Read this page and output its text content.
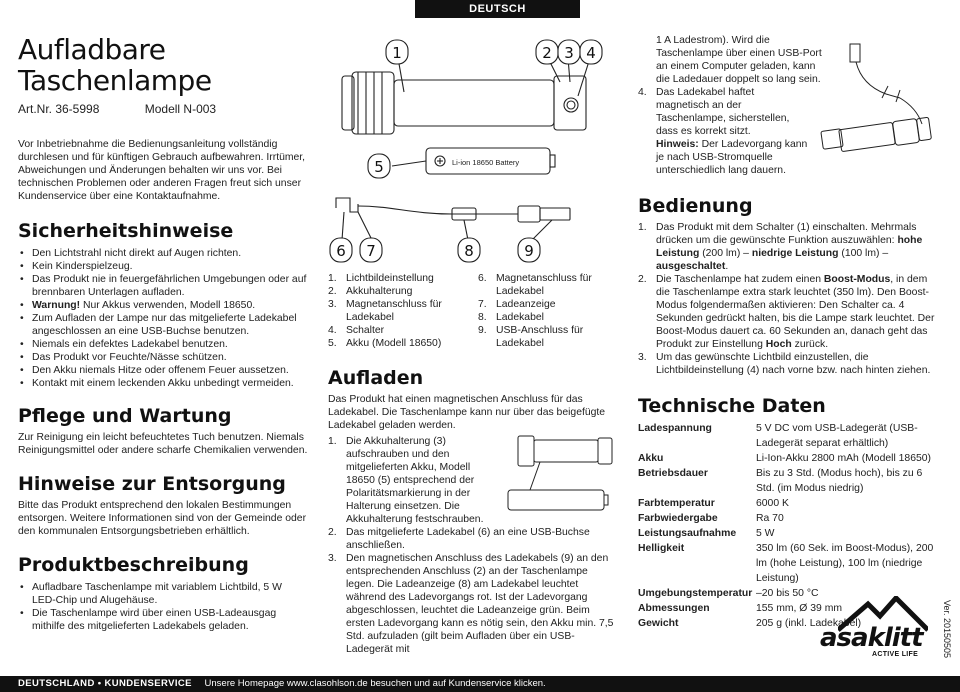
DEUTSCH
Aufladbare
Taschenlampe
Art.Nr. 36-5998	Modell N-003

Vor Inbetriebnahme die Bedienungsanleitung vollständig durchlesen und für künftigen Gebrauch aufbewahren. Irrtümer, Abweichungen und Änderungen behalten wir uns vor. Bei technischen Problemen oder anderen Fragen freut sich unser Kundenservice über eine Kontaktaufnahme.

Sicherheitshinweise
• Den Lichtstrahl nicht direkt auf Augen richten.
• Kein Kinderspielzeug.
• Das Produkt nie in feuergefährlichen Umgebungen oder auf brennbaren Unterlagen aufladen.
• Warnung! Nur Akkus verwenden, Modell 18650.
• Zum Aufladen der Lampe nur das mitgelieferte Ladekabel angeschlossen an eine USB-Buchse benutzen.
• Niemals ein defektes Ladekabel benutzen.
• Das Produkt vor Feuchte/Nässe schützen.
• Den Akku niemals Hitze oder offenem Feuer aussetzen.
• Kontakt mit einem leckenden Akku unbedingt vermeiden.
Pflege und Wartung

Zur Reinigung ein leicht befeuchtetes Tuch benutzen. Niemals Reinigungsmittel oder andere scharfe Chemikalien verwenden.

Hinweise zur Entsorgung

Bitte das Produkt entsprechend den lokalen Bestimmungen entsorgen. Weitere Informationen sind von der Gemeinde oder den kommunalen Entsorgungsbetrieben erhältlich.

Produktbeschreibung
• Aufladbare Taschenlampe mit variablem Lichtbild, 5 W LED-Chip und Alugehäuse.
• Die Taschenlampe wird über einen USB-Ladeausgag mithilfe des mitgelieferten Ladekabels geladen.
1	2 3 4
5
6 7	8	9
Li-ion 18650 Battery
1. Lichtbildeinstellung
2. Akkuhalterung
3. Magnetanschluss für Ladekabel
4. Schalter
5. Akku (Modell 18650)
6. Magnetanschluss für Ladekabel
7. Ladeanzeige
8. Ladekabel
9. USB-Anschluss für Ladekabel
Aufladen

Das Produkt hat einen magnetischen Anschluss für das Ladekabel. Die Taschenlampe kann nur über das beigefügte Ladekabel geladen werden.

1. Die Akkuhalterung (3) aufschrauben und den mitgelieferten Akku, Modell 18650 (5) entsprechend der Polaritätsmarkierung in der Halterung einsetzen. Die Akkuhalterung festschrauben.
2. Das mitgelieferte Ladekabel (6) an eine USB-Buchse anschließen.
3. Den magnetischen Anschluss des Ladekabels (9) an den entsprechenden Anschluss (2) an der Taschenlampe legen. Die Ladeanzeige (8) am Ladekabel leuchtet während des Ladevorgangs rot. Ist der Ladevorgang abgeschlossen, leuchtet die Ladeanzeige grün. Beim ersten Ladevorgang kann es nötig sein, den Akku min. 7,5 Std. aufzuladen (gilt beim Aufladen über ein USB-Ladegerät mit

1 A Ladestrom). Wird die Taschenlampe über einen USB-Port an einem Computer geladen, kann die Ladedauer doppelt so lang sein.

4. Das Ladekabel haftet magnetisch an der Taschenlampe, sicherstellen, dass es korrekt sitzt.
Hinweis: Der Ladevorgang kann je nach USB-Stromquelle unterschiedlich lang dauern.
Bedienung
1. Das Produkt mit dem Schalter (1) einschalten. Mehrmals drücken um die gewünschte Funktion auszuwählen: hohe Leistung (200 lm) – niedrige Leistung (100 lm) – ausgeschaltet.
2. Die Taschenlampe hat zudem einen Boost-Modus, in dem die Taschenlampe extra stark leuchtet (350 lm). Den Boost-Modus folgendermaßen aktivieren: Den Schalter ca. 4 Sekunden gedrückt halten, bis die Lampe stark leuchtet. Der Boost-Modus dauert ca. 60 Sekunden an, danach geht das Produkt zur Einstellung Hoch zurück.
3. Um das gewünschte Lichtbild einzustellen, die Lichtbildeinstellung (4) nach vorne bzw. nach hinten ziehen.
Technische Daten
Ladespannung	5 V DC vom USB-Ladegerät (USB-Ladegerät separat erhältlich)
Akku	Li-Ion-Akku 2800 mAh (Modell 18650)
Betriebsdauer	Bis zu 3 Std. (Modus hoch), bis zu 6 Std. (im Modus niedrig)
Farbtemperatur	6000 K
Farbwiedergabe	Ra 70
Leistungsaufnahme	5 W
Helligkeit	350 lm (60 Sek. im Boost-Modus), 200 lm (hohe Leistung), 100 lm (niedrige Leistung)
Umgebungstemperatur	–20 bis 50 °C
Abmessungen	155 mm, Ø 39 mm
Gewicht	205 g (inkl. Ladekabel)
asaklitt
ACTIVE LIFE	Ver. 20150505
DEUTSCHLAND • KUNDENSERVICE Unsere Homepage www.clasohlson.de besuchen und auf Kundenservice klicken.
